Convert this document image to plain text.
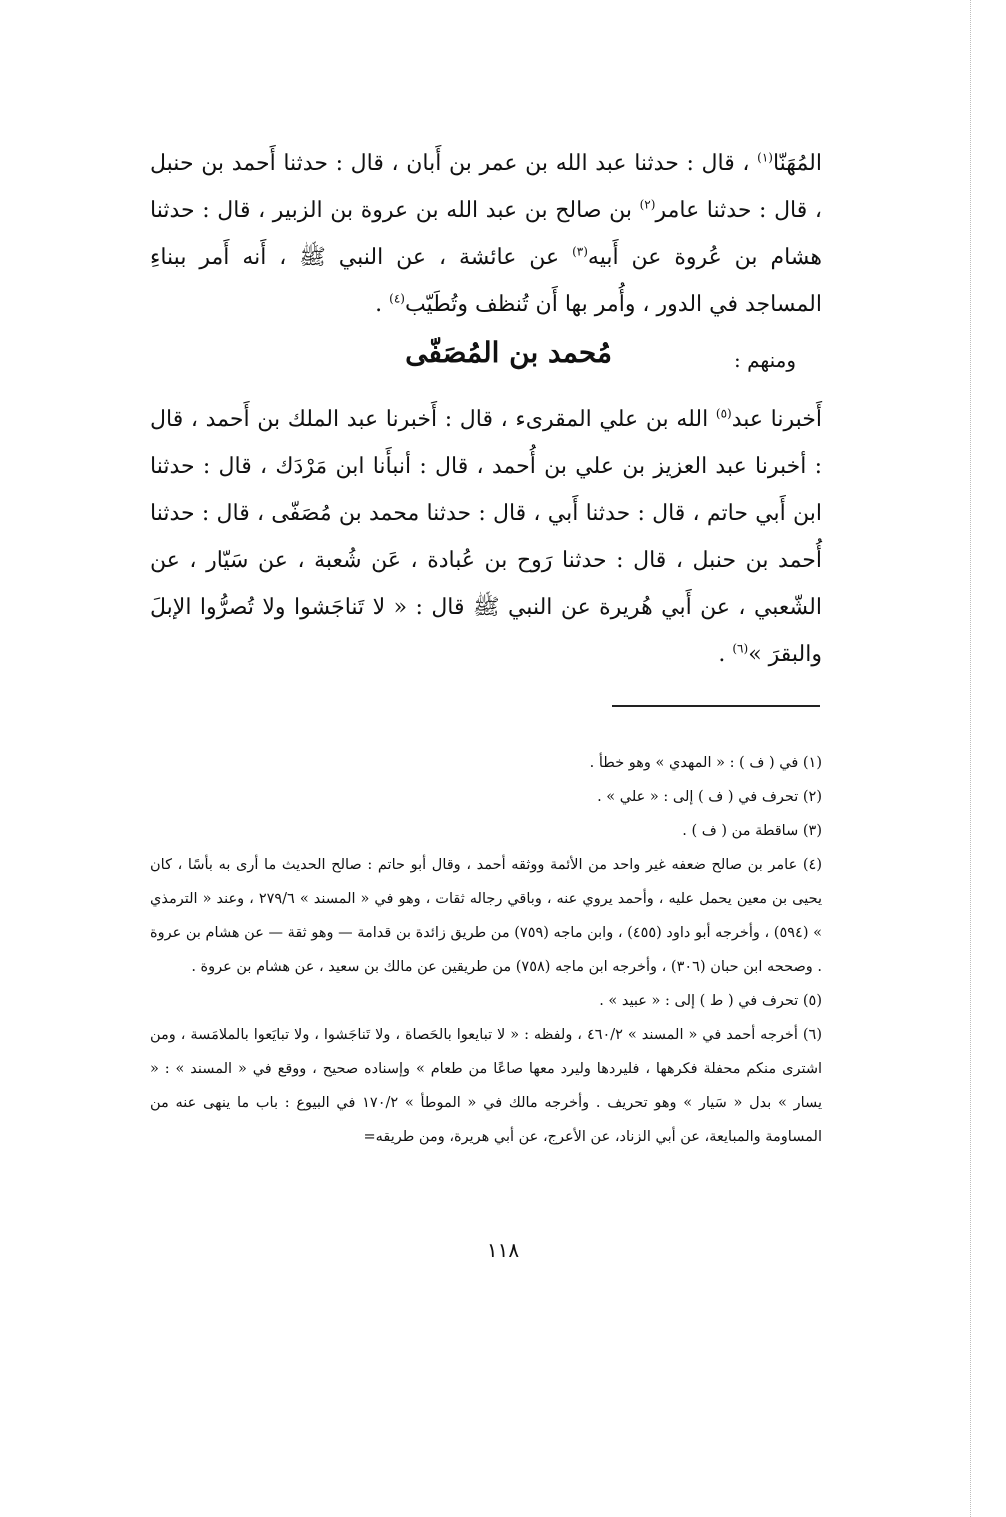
المُهَنّا$^{(١)}$ ، قال : حدثنا عبد الله بن عمر بن أَبان ، قال : حدثنا أَحمد بن حنبل ، قال : حدثنا عامر$^{(٢)}$ بن صالح بن عبد الله بن عروة بن الزبير ، قال : حدثنا هشام بن عُروة عن أَبيه$^{(٣)}$ عن عائشة ، عن النبي ﷺ ، أَنه أَمر ببناءِ المساجد في الدور ، وأُمر بها أَن تُنظف وتُطَيّب$^{(٤)}$ .

ومنهم :
مُحمد بن المُصَفّى

أَخبرنا عبد$^{(٥)}$ الله بن علي المقرىء ، قال : أَخبرنا عبد الملك بن أَحمد ، قال : أخبرنا عبد العزيز بن علي بن أُحمد ، قال : أنبأَنا ابن مَرْدَك ، قال : حدثنا ابن أَبي حاتم ، قال : حدثنا أَبي ، قال : حدثنا محمد بن مُصَفّى ، قال : حدثنا أُحمد بن حنبل ، قال : حدثنا رَوح بن عُبادة ، عَن شُعبة ، عن سَيّار ، عن الشّعبي ، عن أَبي هُريرة عن النبي ﷺ قال : « لا تَناجَشوا ولا تُصرُّوا الإبلَ والبقرَ »$^{(٦)}$ .

(١) في ( ف ) : « المهدي » وهو خطأ .

(٢) تحرف في ( ف ) إلى : « علي » .

(٣) ساقطة من ( ف ) .

(٤) عامر بن صالح ضعفه غير واحد من الأئمة ووثقه أحمد ، وقال أبو حاتم : صالح الحديث ما أرى به بأسًا ، كان يحيى بن معين يحمل عليه ، وأحمد يروي عنه ، وباقي رجاله ثقات ، وهو في « المسند » ٢٧٩/٦ ، وعند « الترمذي » (٥٩٤) ، وأخرجه أبو داود (٤٥٥) ، وابن ماجه (٧٥٩) من طريق زائدة بن قدامة — وهو ثقة — عن هشام بن عروة . وصححه ابن حبان (٣٠٦) ، وأخرجه ابن ماجه (٧٥٨) من طريقين عن مالك بن سعيد ، عن هشام بن عروة .

(٥) تحرف في ( ط ) إلى : « عبيد » .

(٦) أخرجه أحمد في « المسند » ٤٦٠/٢ ، ولفظه : « لا تبايعوا بالحَصاة ، ولا تَناجَشوا ، ولا تبايَعوا بالملامَسة ، ومن اشترى منكم محفلة فكرهها ، فليردها وليرد معها صاعًا من طعام » وإسناده صحيح ، ووقع في « المسند » : « يسار » بدل « سَيار » وهو تحريف . وأخرجه مالك في « الموطأ » ١٧٠/٢ في البيوع : باب ما ينهى عنه من المساومة والمبايعة، عن أبي الزناد، عن الأعرج، عن أبي هريرة، ومن طريقه=

١١٨
